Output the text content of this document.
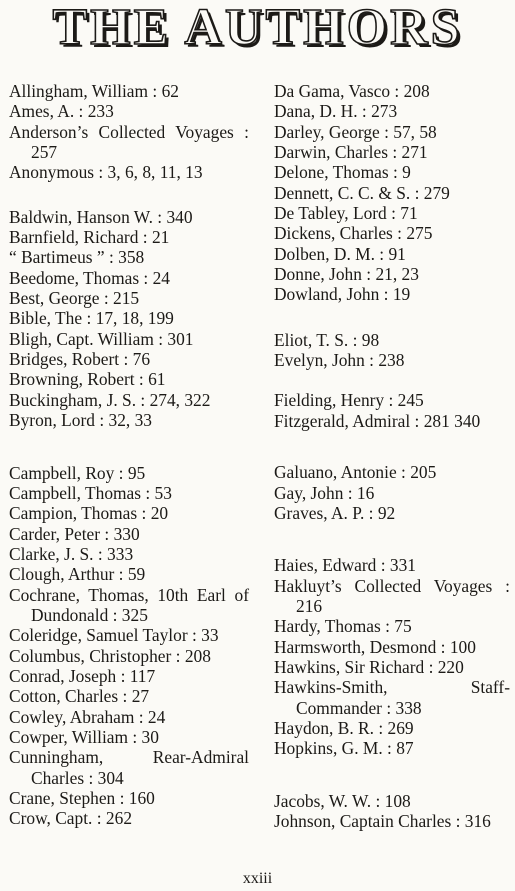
THE AUTHORS
Allingham, William : 62
Ames, A. : 233
Anderson’s Collected Voyages : 257
Anonymous : 3, 6, 8, 11, 13
Baldwin, Hanson W. : 340
Barnfield, Richard : 21
“ Bartimeus ” : 358
Beedome, Thomas : 24
Best, George : 215
Bible, The : 17, 18, 199
Bligh, Capt. William : 301
Bridges, Robert : 76
Browning, Robert : 61
Buckingham, J. S. : 274, 322
Byron, Lord : 32, 33
Campbell, Roy : 95
Campbell, Thomas : 53
Campion, Thomas : 20
Carder, Peter : 330
Clarke, J. S. : 333
Clough, Arthur : 59
Cochrane, Thomas, 10th Earl of Dundonald : 325
Coleridge, Samuel Taylor : 33
Columbus, Christopher : 208
Conrad, Joseph : 117
Cotton, Charles : 27
Cowley, Abraham : 24
Cowper, William : 30
Cunningham, Rear-Admiral Charles : 304
Crane, Stephen : 160
Crow, Capt. : 262
Da Gama, Vasco : 208
Dana, D. H. : 273
Darley, George : 57, 58
Darwin, Charles : 271
Delone, Thomas : 9
Dennett, C. C. & S. : 279
De Tabley, Lord : 71
Dickens, Charles : 275
Dolben, D. M. : 91
Donne, John : 21, 23
Dowland, John : 19
Eliot, T. S. : 98
Evelyn, John : 238
Fielding, Henry : 245
Fitzgerald, Admiral : 281 340
Galuano, Antonie : 205
Gay, John : 16
Graves, A. P. : 92
Haies, Edward : 331
Hakluyt’s Collected Voyages : 216
Hardy, Thomas : 75
Harmsworth, Desmond : 100
Hawkins, Sir Richard : 220
Hawkins-Smith, Staff-Commander : 338
Haydon, B. R. : 269
Hopkins, G. M. : 87
Jacobs, W. W. : 108
Johnson, Captain Charles : 316
xxiii
